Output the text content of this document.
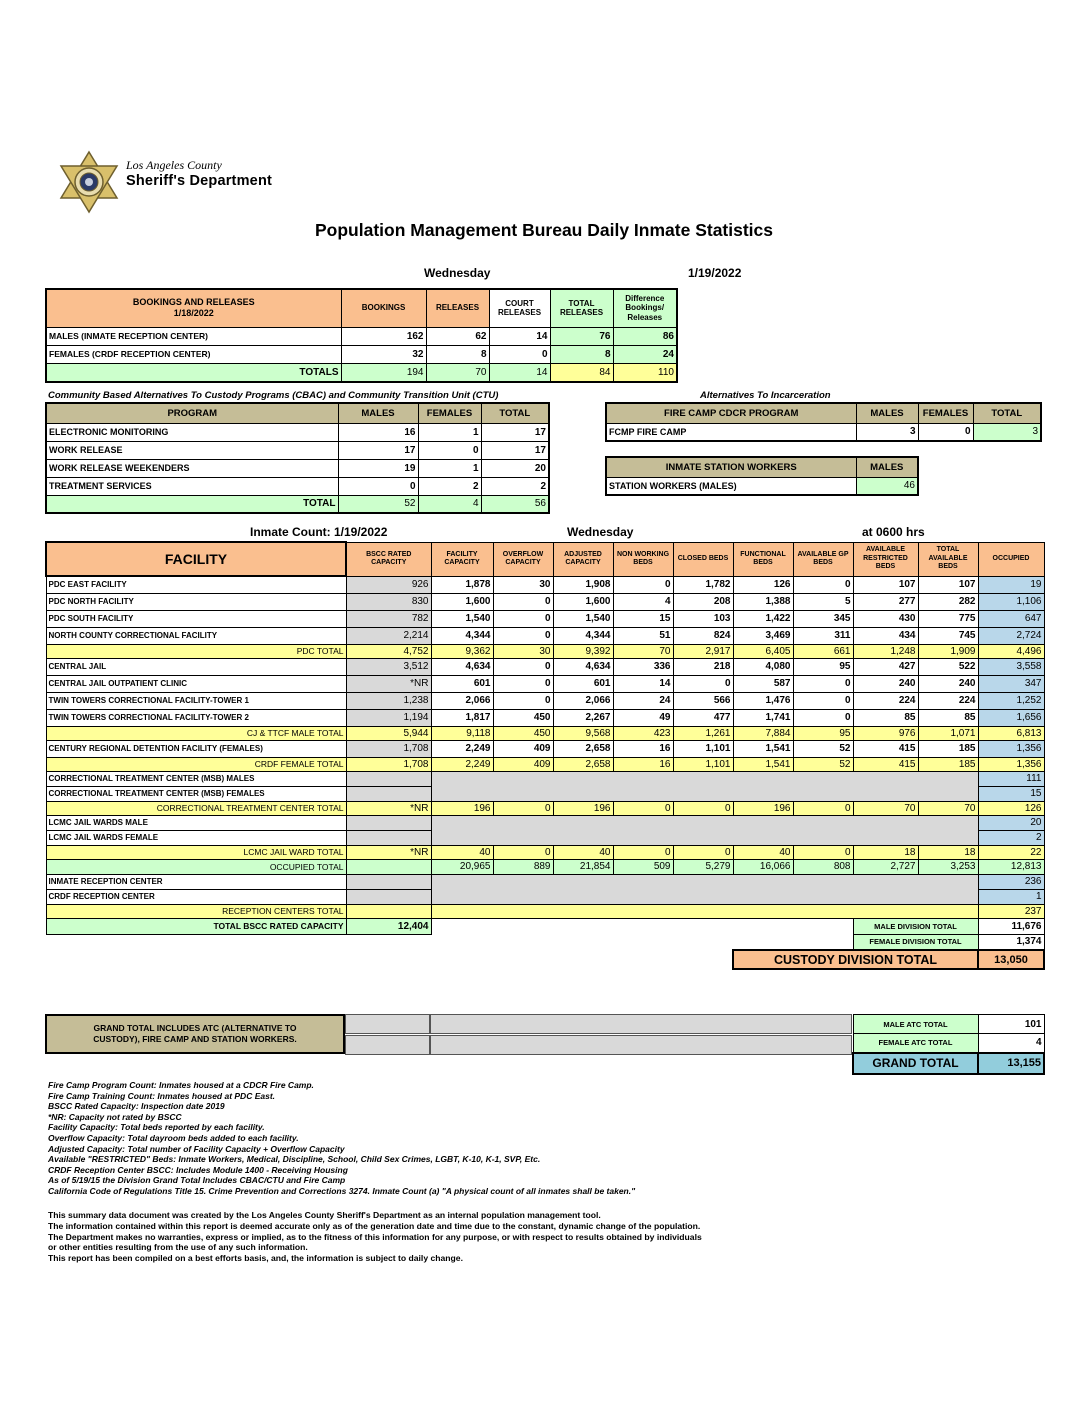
Los Angeles County
Sheriff's Department
Population Management Bureau Daily Inmate Statistics
Wednesday	1/19/2022
BOOKINGS AND RELEASES
1/18/2022	BOOKINGS	RELEASES	COURT RELEASES	TOTAL RELEASES	Difference Bookings/ Releases
MALES (INMATE RECEPTION CENTER)	162	62	14	76	86
FEMALES (CRDF RECEPTION CENTER)	32	8	0	8	24
TOTALS	194	70	14	84	110
Community Based Alternatives To Custody Programs (CBAC) and Community Transition Unit (CTU)
PROGRAM	MALES	FEMALES	TOTAL
ELECTRONIC MONITORING	16	1	17
WORK RELEASE	17	0	17
WORK RELEASE WEEKENDERS	19	1	20
TREATMENT SERVICES	0	2	2
TOTAL	52	4	56
Alternatives To Incarceration
FIRE CAMP CDCR PROGRAM	MALES	FEMALES	TOTAL
FCMP FIRE CAMP	3	0	3
INMATE STATION WORKERS	MALES
STATION WORKERS (MALES)	46
Inmate Count: 1/19/2022	Wednesday	at 0600 hrs
FACILITY	BSCC RATED CAPACITY	FACILITY CAPACITY	OVERFLOW CAPACITY	ADJUSTED CAPACITY	NON WORKING BEDS	CLOSED BEDS	FUNCTIONAL BEDS	AVAILABLE GP BEDS	AVAILABLE RESTRICTED BEDS	TOTAL AVAILABLE BEDS	OCCUPIED
PDC EAST FACILITY	926	1,878	30	1,908	0	1,782	126	0	107	107	19
PDC NORTH FACILITY	830	1,600	0	1,600	4	208	1,388	5	277	282	1,106
PDC SOUTH FACILITY	782	1,540	0	1,540	15	103	1,422	345	430	775	647
NORTH COUNTY CORRECTIONAL FACILITY	2,214	4,344	0	4,344	51	824	3,469	311	434	745	2,724
PDC TOTAL	4,752	9,362	30	9,392	70	2,917	6,405	661	1,248	1,909	4,496
CENTRAL JAIL	3,512	4,634	0	4,634	336	218	4,080	95	427	522	3,558
CENTRAL JAIL OUTPATIENT CLINIC	*NR	601	0	601	14	0	587	0	240	240	347
TWIN TOWERS CORRECTIONAL FACILITY-TOWER 1	1,238	2,066	0	2,066	24	566	1,476	0	224	224	1,252
TWIN TOWERS CORRECTIONAL FACILITY-TOWER 2	1,194	1,817	450	2,267	49	477	1,741	0	85	85	1,656
CJ & TTCF MALE TOTAL	5,944	9,118	450	9,568	423	1,261	7,884	95	976	1,071	6,813
CENTURY REGIONAL DETENTION FACILITY (FEMALES)	1,708	2,249	409	2,658	16	1,101	1,541	52	415	185	1,356
CRDF FEMALE TOTAL	1,708	2,249	409	2,658	16	1,101	1,541	52	415	185	1,356
CORRECTIONAL TREATMENT CENTER (MSB) MALES											111
CORRECTIONAL TREATMENT CENTER (MSB) FEMALES											15
CORRECTIONAL TREATMENT CENTER TOTAL	*NR	196	0	196	0	0	196	0	70	70	126
LCMC JAIL WARDS MALE											20
LCMC JAIL WARDS FEMALE											2
LCMC JAIL WARD TOTAL	*NR	40	0	40	0	0	40	0	18	18	22
OCCUPIED TOTAL		20,965	889	21,854	509	5,279	16,066	808	2,727	3,253	12,813
INMATE RECEPTION CENTER											236
CRDF RECEPTION CENTER											1
RECEPTION CENTERS TOTAL											237
TOTAL BSCC RATED CAPACITY	12,404								MALE DIVISION TOTAL		11,676
									FEMALE DIVISION TOTAL		1,374
							CUSTODY DIVISION TOTAL				13,050
GRAND TOTAL INCLUDES ATC (ALTERNATIVE TO
CUSTODY), FIRE CAMP AND STATION WORKERS.
MALE ATC TOTAL	101
FEMALE ATC TOTAL	4
GRAND TOTAL	13,155
Fire Camp Program Count: Inmates housed at a CDCR Fire Camp.
Fire Camp Training Count: Inmates housed at PDC East.
BSCC Rated Capacity: Inspection date 2019
*NR: Capacity not rated by BSCC
Facility Capacity: Total beds reported by each facility.
Overflow Capacity: Total dayroom beds added to each facility.
Adjusted Capacity: Total number of Facility Capacity + Overflow Capacity
Available "RESTRICTED" Beds: Inmate Workers, Medical, Discipline, School, Child Sex Crimes, LGBT, K-10, K-1, SVP, Etc.
CRDF Reception Center BSCC: Includes Module 1400 - Receiving Housing
As of 5/19/15 the Division Grand Total Includes CBAC/CTU and Fire Camp
California Code of Regulations Title 15. Crime Prevention and Corrections 3274. Inmate Count (a) "A physical count of all inmates shall be taken."
This summary data document was created by the Los Angeles County Sheriff's Department as an internal population management tool.
The information contained within this report is deemed accurate only as of the generation date and time due to the constant, dynamic change of the population.
The Department makes no warranties, express or implied, as to the fitness of this information for any purpose, or with respect to results obtained by individuals
or other entities resulting from the use of any such information.
This report has been compiled on a best efforts basis, and, the information is subject to daily change.
